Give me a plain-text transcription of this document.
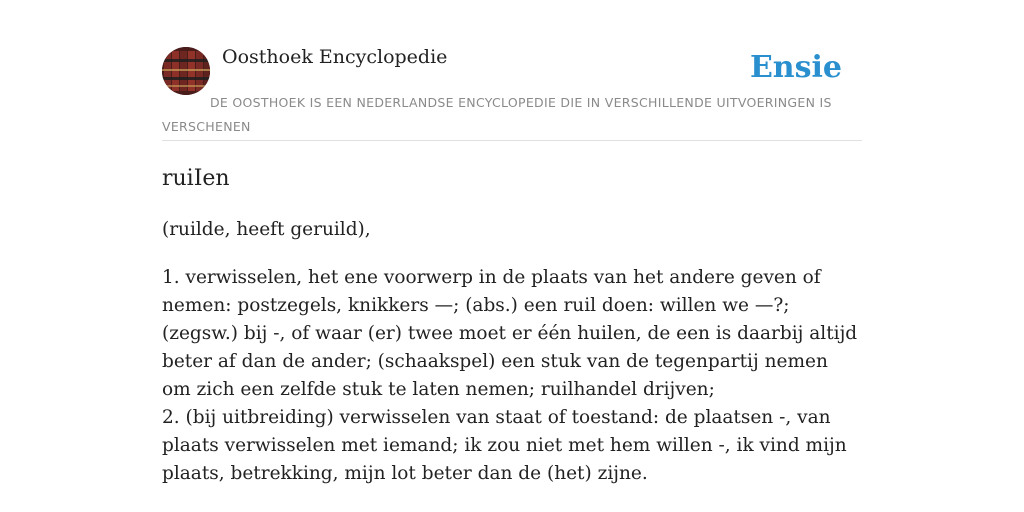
Oosthoek Encyclopedie	Ensie
DE OOSTHOEK IS EEN NEDERLANDSE ENCYCLOPEDIE DIE IN VERSCHILLENDE UITVOERINGEN IS VERSCHENEN
ruiIen

(ruilde, heeft geruild),

1. verwisselen, het ene voorwerp in de plaats van het andere geven of nemen: postzegels, knikkers —; (abs.) een ruil doen: willen we —?; (zegsw.) bij -, of waar (er) twee moet er één huilen, de een is daarbij altijd beter af dan de ander; (schaakspel) een stuk van de tegenpartij nemen om zich een zelfde stuk te laten nemen; ruilhandel drijven;
2. (bij uitbreiding) verwisselen van staat of toestand: de plaatsen -, van plaats verwisselen met iemand; ik zou niet met hem willen -, ik vind mijn plaats, betrekking, mijn lot beter dan de (het) zijne.
